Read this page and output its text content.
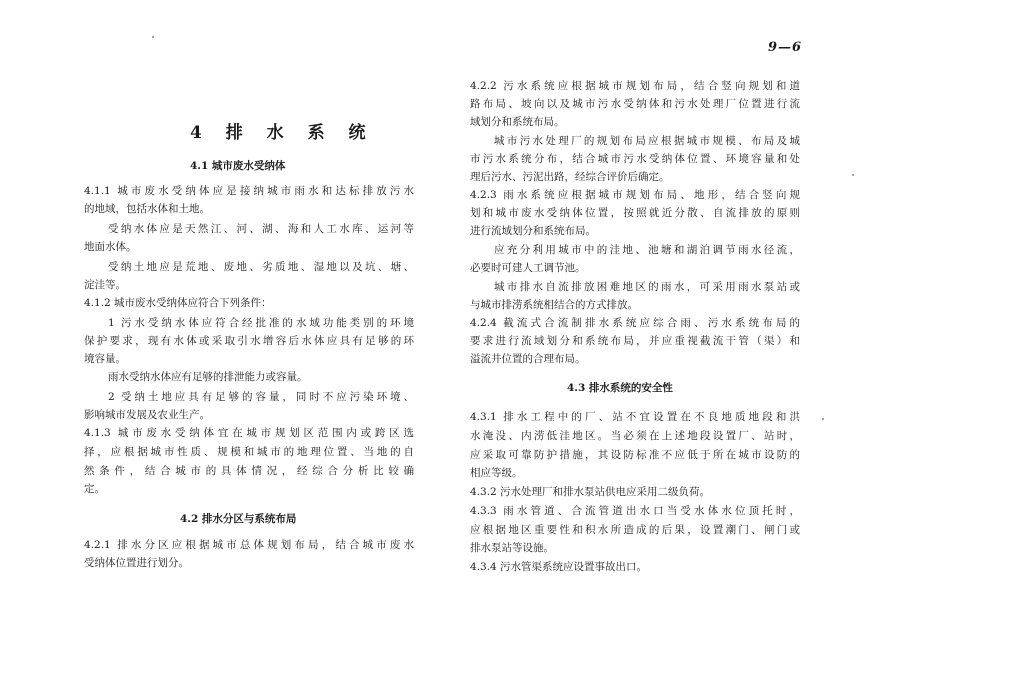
9—6
4 排 水 系 统
4.1 城市废水受纳体
4.1.1 城市废水受纳体应是接纳城市雨水和达标排放污水
的地域，包括水体和土地。
受纳水体应是天然江、河、湖、海和人工水库、运河等
地面水体。
受纳土地应是荒地、废地、劣质地、湿地以及坑、塘、
淀洼等。
4.1.2 城市废水受纳体应符合下列条件：
1 污水受纳水体应符合经批准的水域功能类别的环境
保护要求，现有水体或采取引水增容后水体应具有足够的环
境容量。
雨水受纳水体应有足够的排泄能力或容量。
2 受纳土地应具有足够的容量，同时不应污染环境、
影响城市发展及农业生产。
4.1.3 城市废水受纳体宜在城市规划区范围内或跨区选
择，应根据城市性质、规模和城市的地理位置、当地的自
然条件，结合城市的具体情况，经综合分析比较确
定。
4.2 排水分区与系统布局
4.2.1 排水分区应根据城市总体规划布局，结合城市废水
受纳体位置进行划分。
4.2.2 污水系统应根据城市规划布局，结合竖向规划和道
路布局、坡向以及城市污水受纳体和污水处理厂位置进行流
域划分和系统布局。
城市污水处理厂的规划布局应根据城市规模、布局及城
市污水系统分布，结合城市污水受纳体位置、环境容量和处
理后污水、污泥出路，经综合评价后确定。
4.2.3 雨水系统应根据城市规划布局、地形，结合竖向规
划和城市废水受纳体位置，按照就近分散、自流排放的原则
进行流域划分和系统布局。
应充分利用城市中的洼地、池塘和湖泊调节雨水径流，
必要时可建人工调节池。
城市排水自流排放困难地区的雨水，可采用雨水泵站或
与城市排涝系统相结合的方式排放。
4.2.4 截流式合流制排水系统应综合雨、污水系统布局的
要求进行流域划分和系统布局，并应重视截流干管（渠）和
溢流井位置的合理布局。
4.3 排水系统的安全性
4.3.1 排水工程中的厂、站不宜设置在不良地质地段和洪
水淹没、内涝低洼地区。当必须在上述地段设置厂、站时，
应采取可靠防护措施，其设防标准不应低于所在城市设防的
相应等级。
4.3.2 污水处理厂和排水泵站供电应采用二级负荷。
4.3.3 雨水管道、合流管道出水口当受水体水位顶托时，
应根据地区重要性和积水所造成的后果，设置潮门、闸门或
排水泵站等设施。
4.3.4 污水管渠系统应设置事故出口。
